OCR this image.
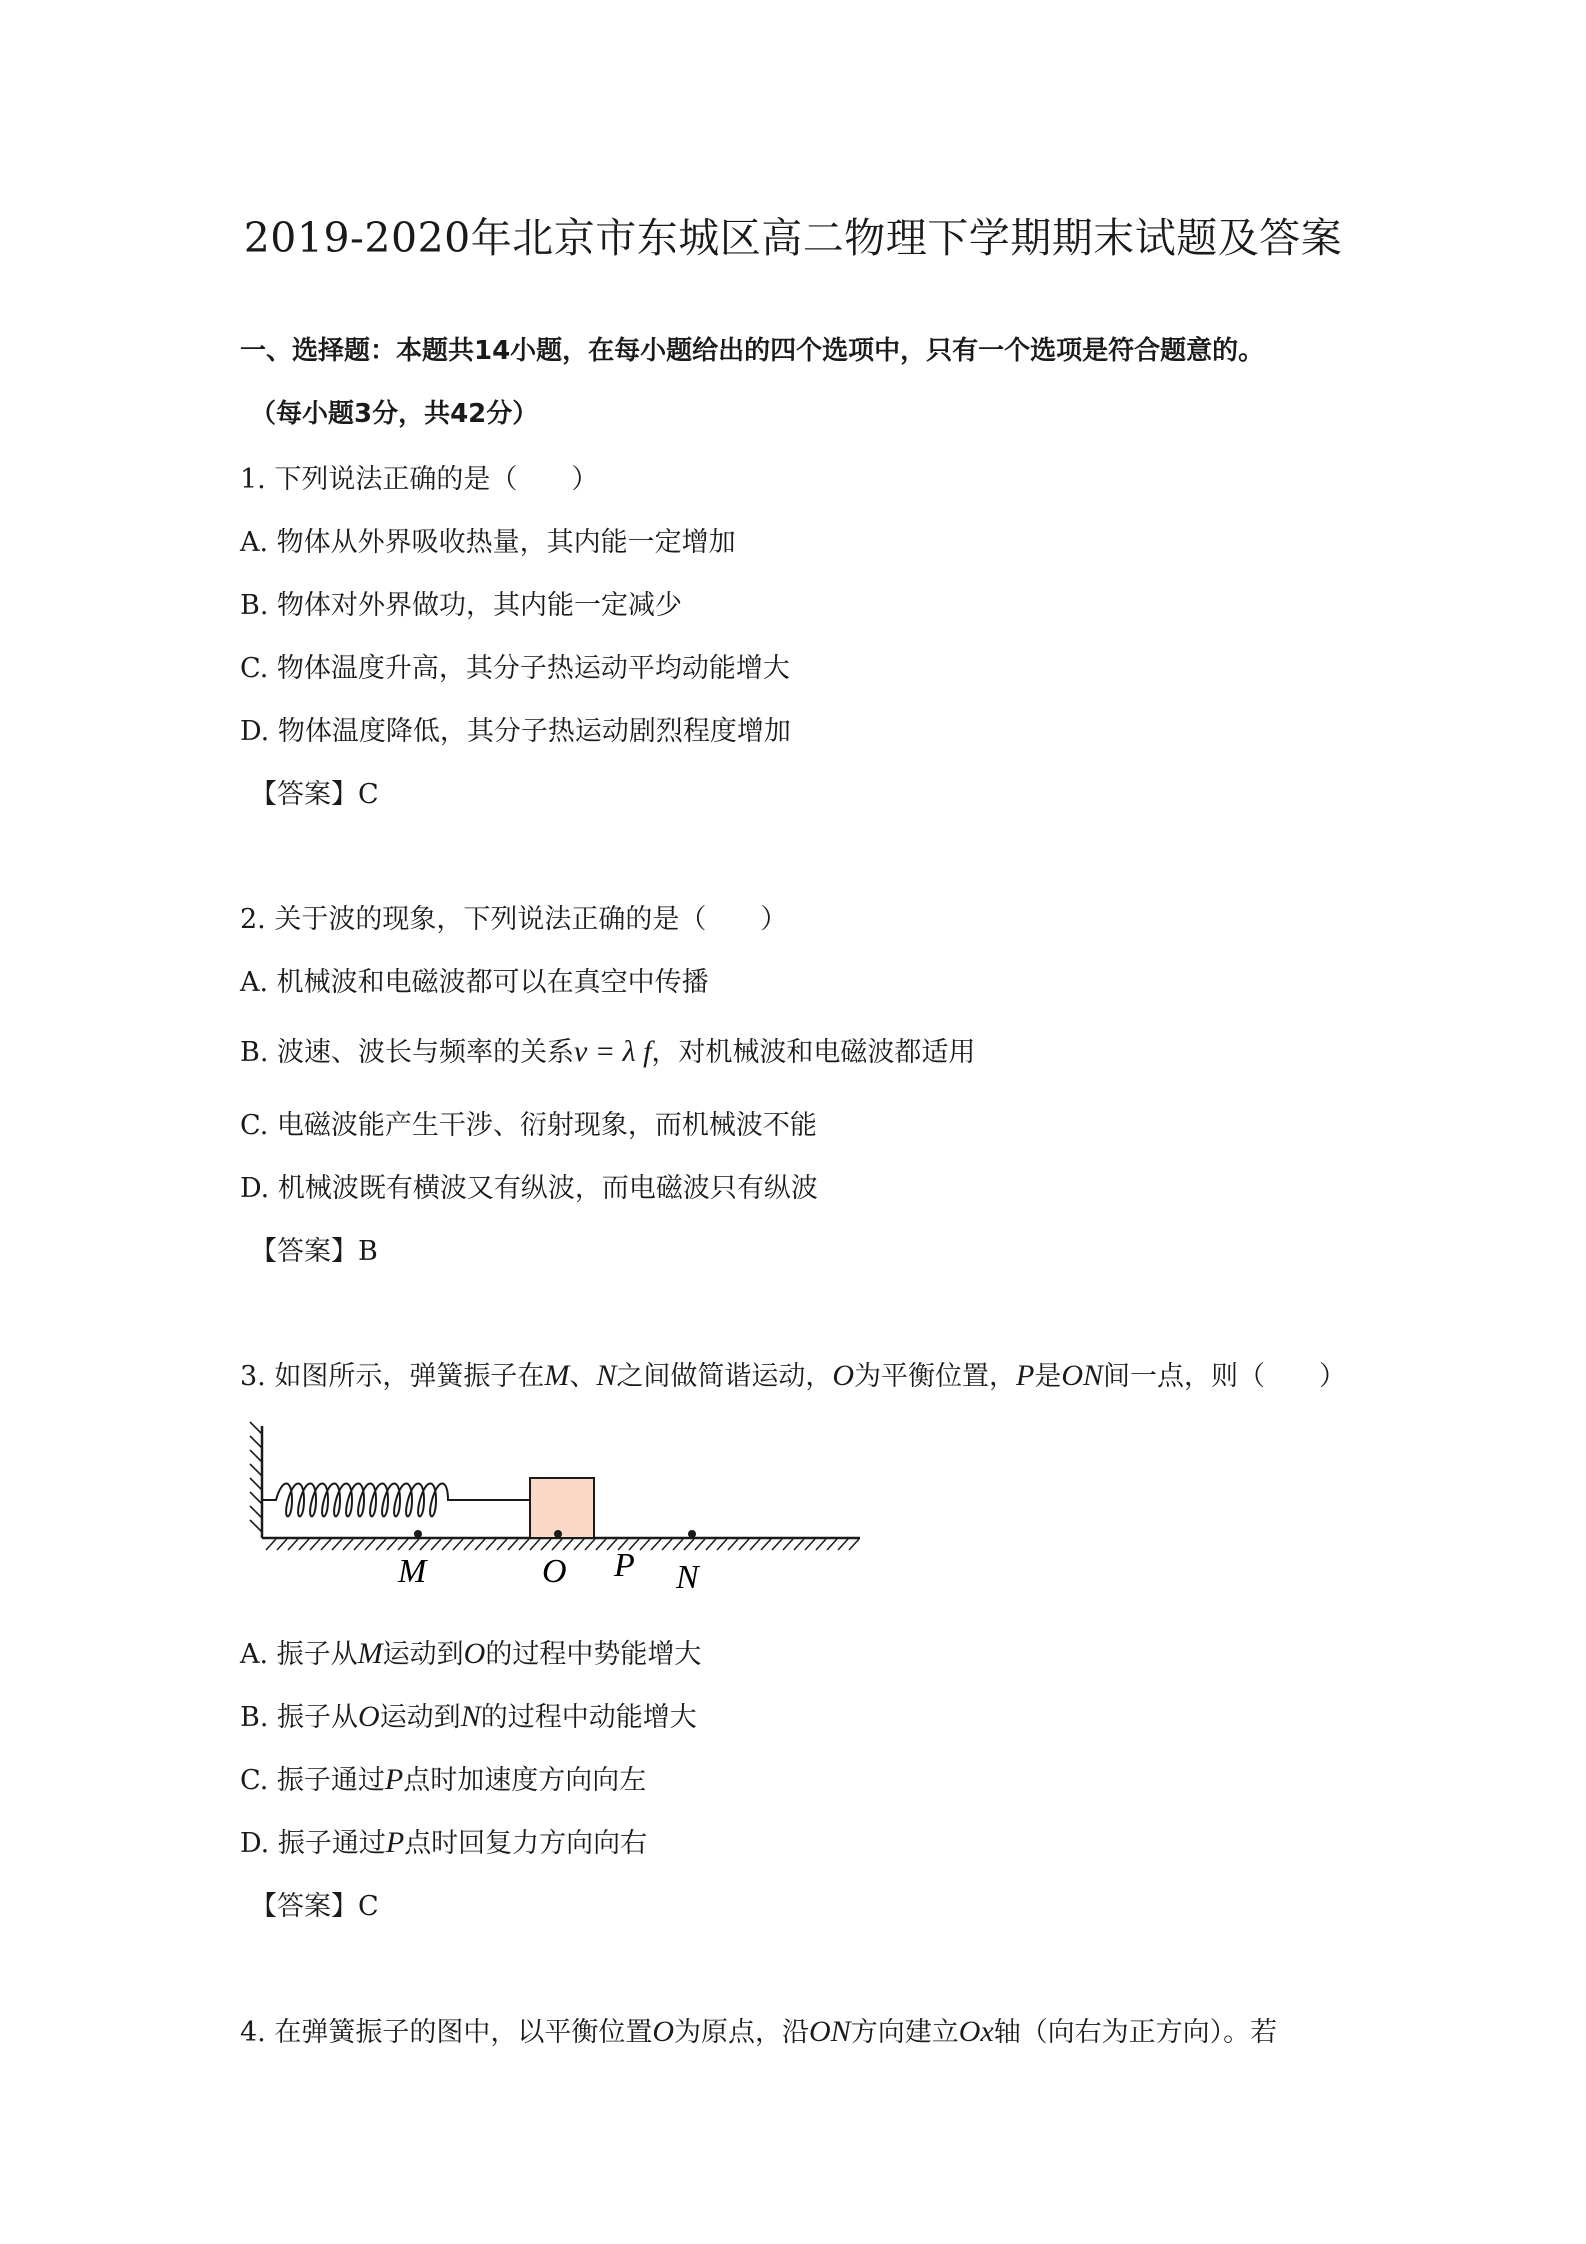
2019-2020年北京市东城区高二物理下学期期末试题及答案
一、选择题：本题共14小题，在每小题给出的四个选项中，只有一个选项是符合题意的。
（每小题3分，共42分）
1. 下列说法正确的是（　　）
A. 物体从外界吸收热量，其内能一定增加
B. 物体对外界做功，其内能一定减少
C. 物体温度升高，其分子热运动平均动能增大
D. 物体温度降低，其分子热运动剧烈程度增加
【答案】C
2. 关于波的现象，下列说法正确的是（　　）
A. 机械波和电磁波都可以在真空中传播
B. 波速、波长与频率的关系v = λ f，对机械波和电磁波都适用
C. 电磁波能产生干涉、衍射现象，而机械波不能
D. 机械波既有横波又有纵波，而电磁波只有纵波
【答案】B
3. 如图所示，弹簧振子在M、N之间做简谐运动，O为平衡位置，P是ON间一点，则（　　）
M	O P N
A. 振子从M运动到O的过程中势能增大
B. 振子从O运动到N的过程中动能增大
C. 振子通过P点时加速度方向向左
D. 振子通过P点时回复力方向向右
【答案】C
4. 在弹簧振子的图中，以平衡位置O为原点，沿ON方向建立Ox轴（向右为正方向）。若
